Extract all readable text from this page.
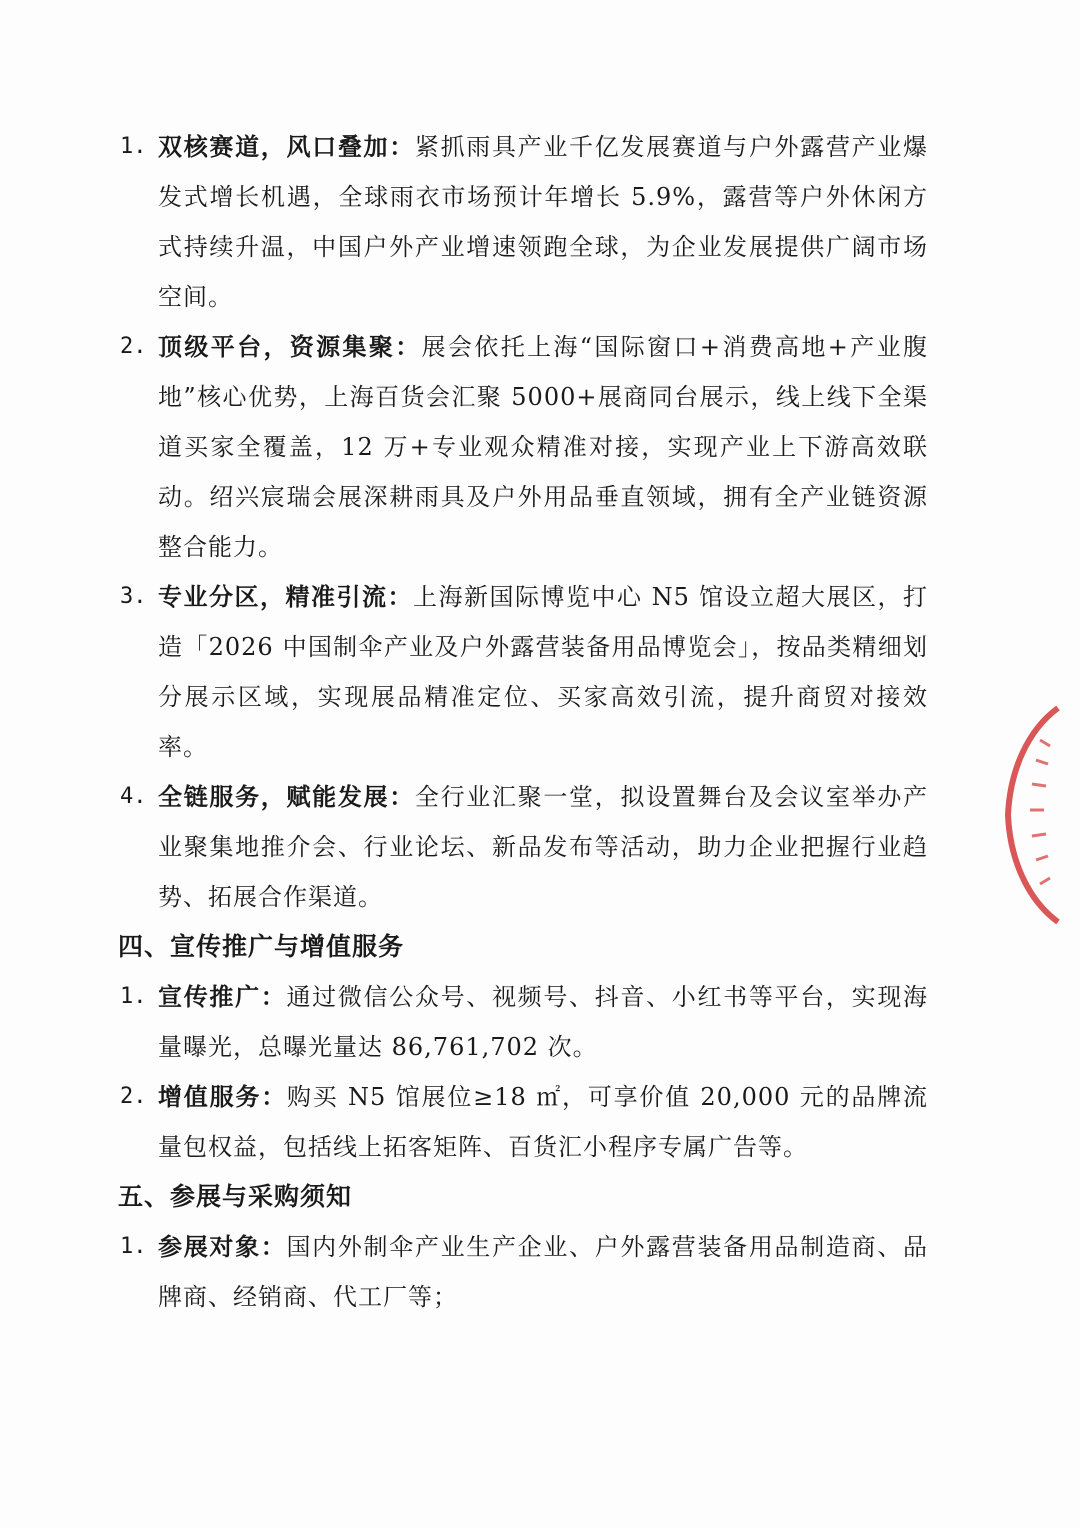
1. 双核赛道，风口叠加：紧抓雨具产业千亿发展赛道与户外露营产业爆发式增长机遇，全球雨衣市场预计年增长 5.9%，露营等户外休闲方式持续升温，中国户外产业增速领跑全球，为企业发展提供广阔市场空间。
2. 顶级平台，资源集聚：展会依托上海“国际窗口+消费高地+产业腹地”核心优势，上海百货会汇聚 5000+展商同台展示，线上线下全渠道买家全覆盖，12 万+专业观众精准对接，实现产业上下游高效联动。绍兴宸瑞会展深耕雨具及户外用品垂直领域，拥有全产业链资源整合能力。
3. 专业分区，精准引流：上海新国际博览中心 N5 馆设立超大展区，打造「2026 中国制伞产业及户外露营装备用品博览会」，按品类精细划分展示区域，实现展品精准定位、买家高效引流，提升商贸对接效率。
4. 全链服务，赋能发展：全行业汇聚一堂，拟设置舞台及会议室举办产业聚集地推介会、行业论坛、新品发布等活动，助力企业把握行业趋势、拓展合作渠道。
四、宣传推广与增值服务
1. 宣传推广：通过微信公众号、视频号、抖音、小红书等平台，实现海量曝光，总曝光量达 86,761,702 次。
2. 增值服务：购买 N5 馆展位≥18 ㎡，可享价值 20,000 元的品牌流量包权益，包括线上拓客矩阵、百货汇小程序专属广告等。
五、参展与采购须知
1. 参展对象：国内外制伞产业生产企业、户外露营装备用品制造商、品牌商、经销商、代工厂等；
